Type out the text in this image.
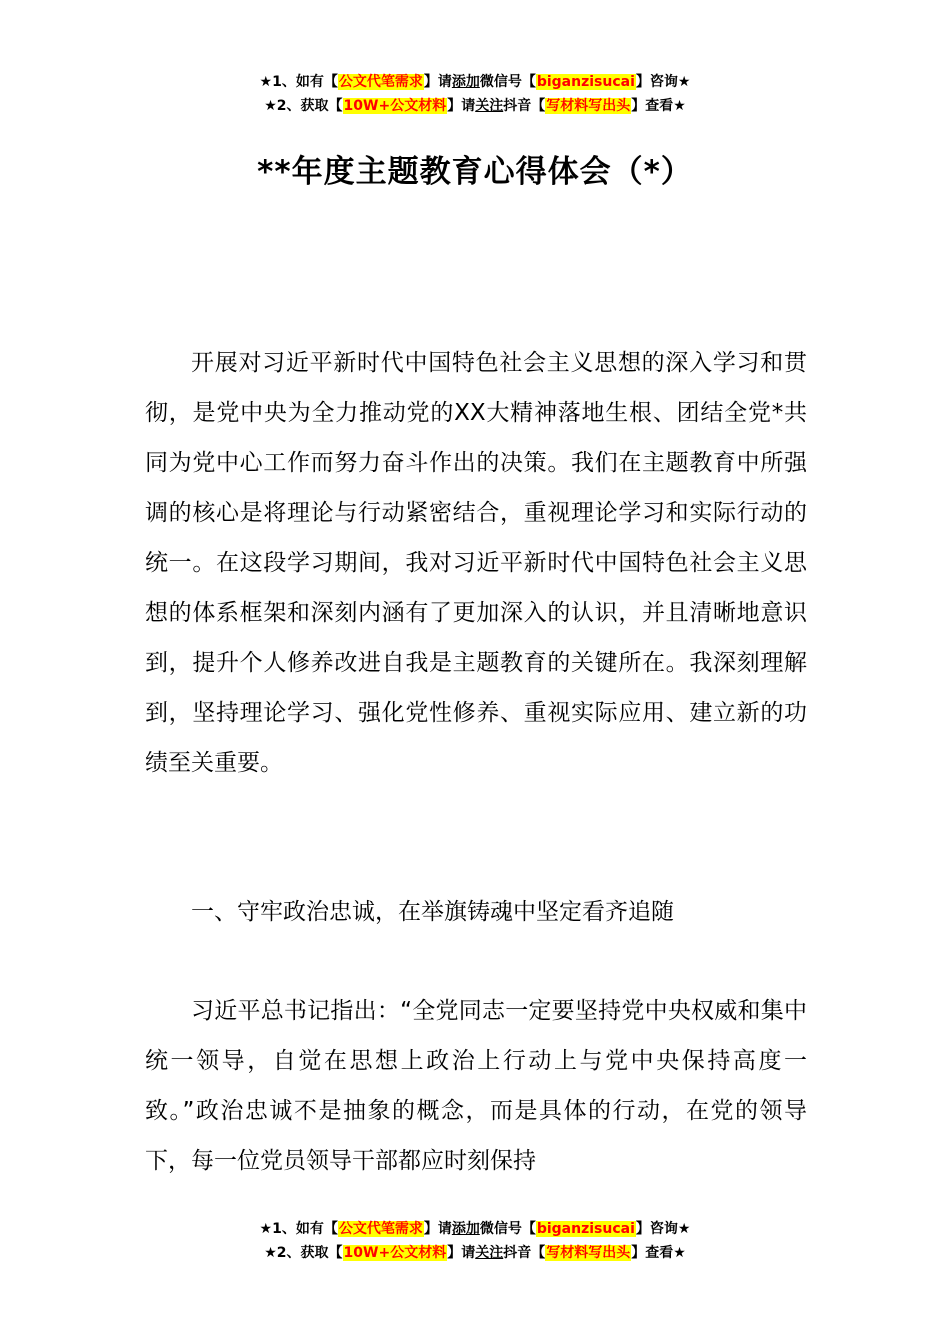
★1、如有【公文代笔需求】请添加微信号【biganzisucai】咨询★
★2、获取【10W+公文材料】请关注抖音【写材料写出头】查看★
**年度主题教育心得体会（*）

开展对习近平新时代中国特色社会主义思想的深入学习和贯彻，是党中央为全力推动党的XX大精神落地生根、团结全党*共同为党中心工作而努力奋斗作出的决策。我们在主题教育中所强调的核心是将理论与行动紧密结合，重视理论学习和实际行动的统一。在这段学习期间，我对习近平新时代中国特色社会主义思想的体系框架和深刻内涵有了更加深入的认识，并且清晰地意识到，提升个人修养改进自我是主题教育的关键所在。我深刻理解到，坚持理论学习、强化党性修养、重视实际应用、建立新的功绩至关重要。

一、守牢政治忠诚，在举旗铸魂中坚定看齐追随

习近平总书记指出：“全党同志一定要坚持党中央权威和集中统一领导，自觉在思想上政治上行动上与党中央保持高度一致。”政治忠诚不是抽象的概念，而是具体的行动，在党的领导下，每一位党员领导干部都应时刻保持

★1、如有【公文代笔需求】请添加微信号【biganzisucai】咨询★
★2、获取【10W+公文材料】请关注抖音【写材料写出头】查看★
